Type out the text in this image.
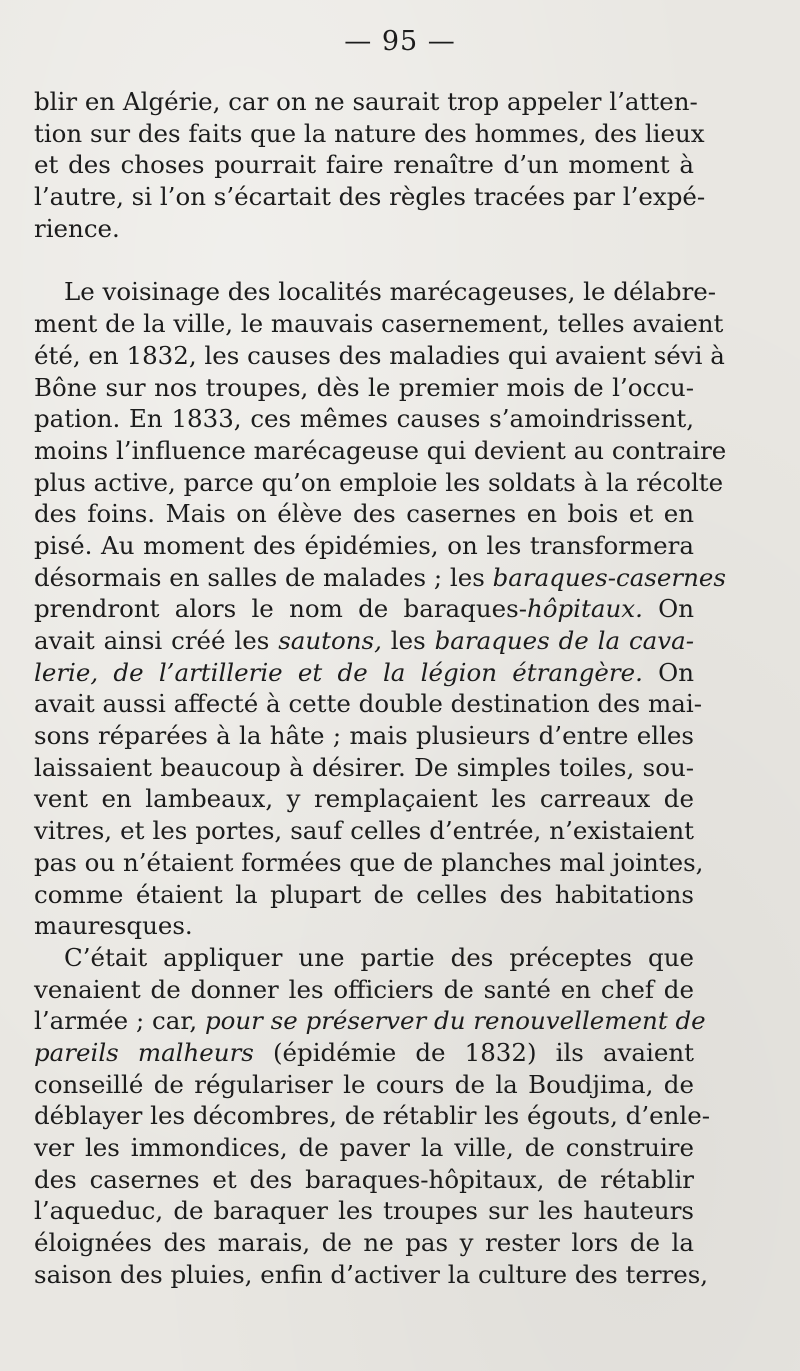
— 95 —
blir en Algérie, car on ne saurait trop appeler l’atten-
tion sur des faits que la nature des hommes, des lieux
et des choses pourrait faire renaître d’un moment à
l’autre, si l’on s’écartait des règles tracées par l’expé-
rience.
Le voisinage des localités marécageuses, le délabre-
ment de la ville, le mauvais casernement, telles avaient
été, en 1832, les causes des maladies qui avaient sévi à
Bône sur nos troupes, dès le premier mois de l’occu-
pation. En 1833, ces mêmes causes s’amoindrissent,
moins l’influence marécageuse qui devient au contraire
plus active, parce qu’on emploie les soldats à la récolte
des foins. Mais on élève des casernes en bois et en
pisé. Au moment des épidémies, on les transformera
désormais en salles de malades ; les baraques-casernes
prendront alors le nom de baraques-hôpitaux. On
avait ainsi créé les sautons, les baraques de la cava-
lerie, de l’artillerie et de la légion étrangère. On
avait aussi affecté à cette double destination des mai-
sons réparées à la hâte ; mais plusieurs d’entre elles
laissaient beaucoup à désirer. De simples toiles, sou-
vent en lambeaux, y remplaçaient les carreaux de
vitres, et les portes, sauf celles d’entrée, n’existaient
pas ou n’étaient formées que de planches mal jointes,
comme étaient la plupart de celles des habitations
mauresques.
C’était appliquer une partie des préceptes que
venaient de donner les officiers de santé en chef de
l’armée ; car, pour se préserver du renouvellement de
pareils malheurs (épidémie de 1832) ils avaient
conseillé de régulariser le cours de la Boudjima, de
déblayer les décombres, de rétablir les égouts, d’enle-
ver les immondices, de paver la ville, de construire
des casernes et des baraques-hôpitaux, de rétablir
l’aqueduc, de baraquer les troupes sur les hauteurs
éloignées des marais, de ne pas y rester lors de la
saison des pluies, enfin d’activer la culture des terres,
